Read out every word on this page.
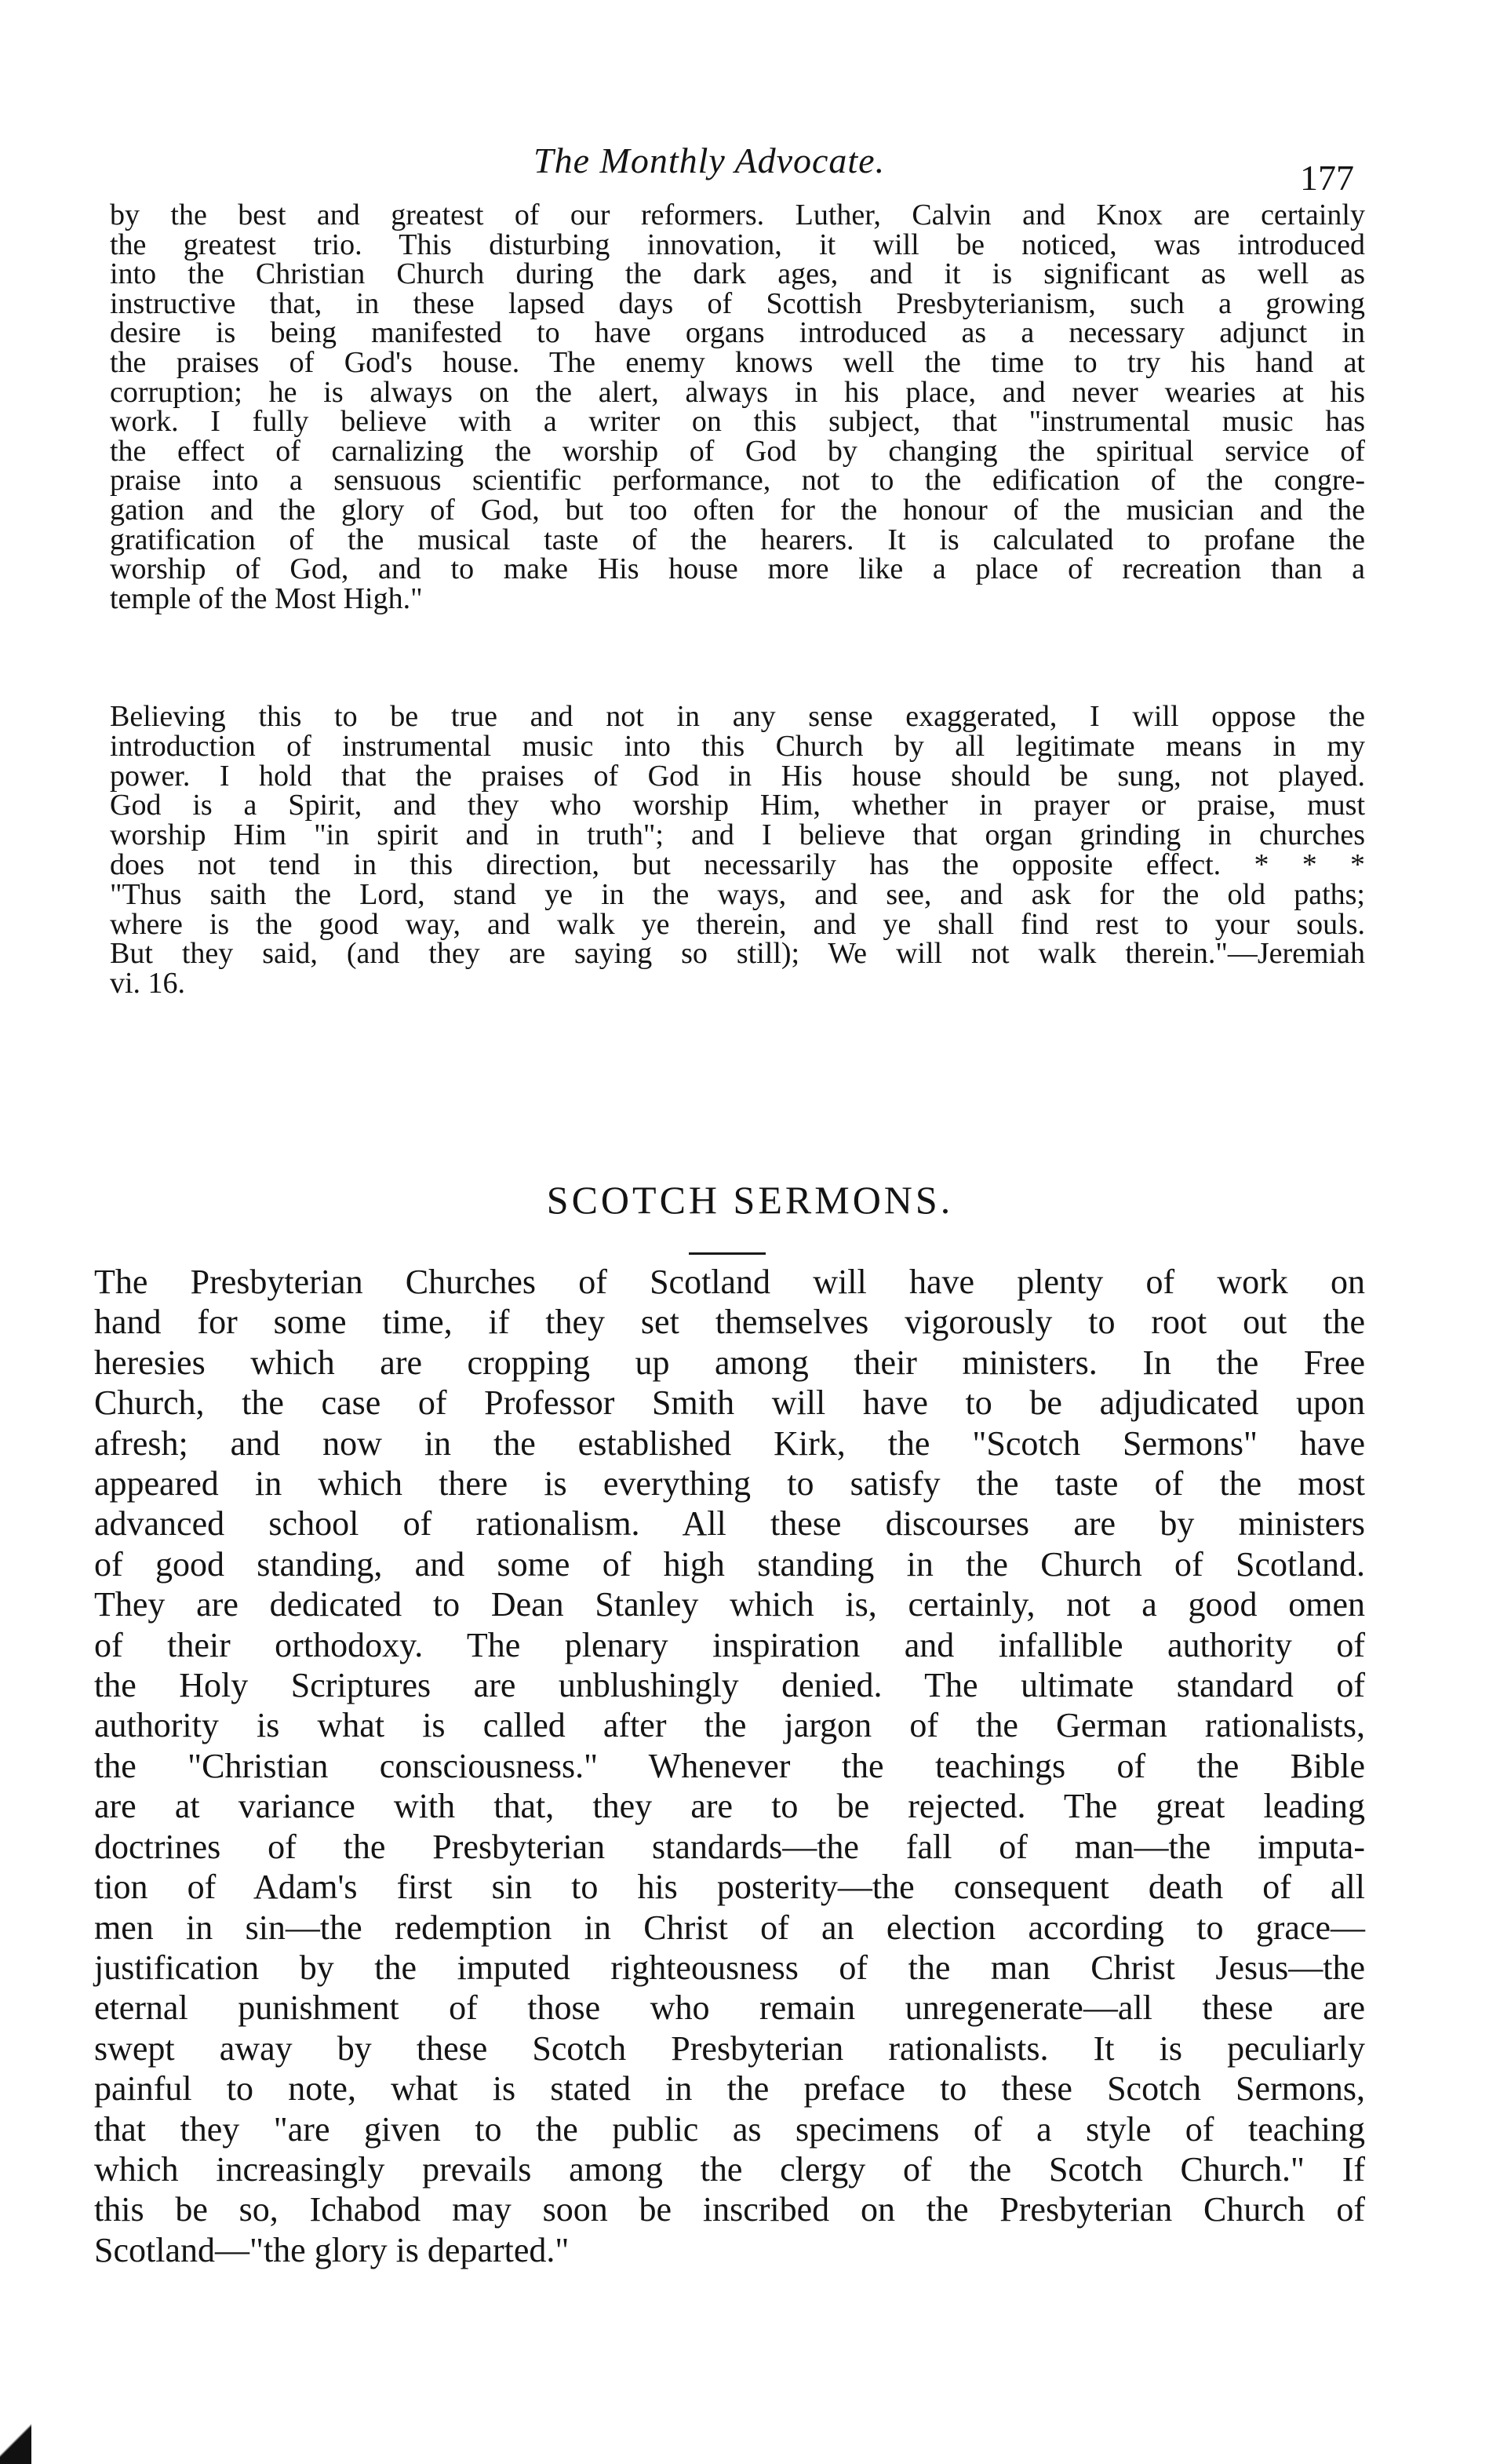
The Monthly Advocate.	177
by the best and greatest of our reformers. Luther, Calvin and Knox are certainly
the greatest trio. This disturbing innovation, it will be noticed, was introduced
into the Christian Church during the dark ages, and it is significant as well as
instructive that, in these lapsed days of Scottish Presbyterianism, such a growing
desire is being manifested to have organs introduced as a necessary adjunct in
the praises of God's house. The enemy knows well the time to try his hand at
corruption; he is always on the alert, always in his place, and never wearies at his
work. I fully believe with a writer on this subject, that "instrumental music has
the effect of carnalizing the worship of God by changing the spiritual service of
praise into a sensuous scientific performance, not to the edification of the congre-
gation and the glory of God, but too often for the honour of the musician and the
gratification of the musical taste of the hearers. It is calculated to profane the
worship of God, and to make His house more like a place of recreation than a
temple of the Most High."
Believing this to be true and not in any sense exaggerated, I will oppose the
introduction of instrumental music into this Church by all legitimate means in my
power. I hold that the praises of God in His house should be sung, not played.
God is a Spirit, and they who worship Him, whether in prayer or praise, must
worship Him "in spirit and in truth"; and I believe that organ grinding in churches
does not tend in this direction, but necessarily has the opposite effect. * * *
"Thus saith the Lord, stand ye in the ways, and see, and ask for the old paths;
where is the good way, and walk ye therein, and ye shall find rest to your souls.
But they said, (and they are saying so still); We will not walk therein."—Jeremiah
vi. 16.
SCOTCH SERMONS.
The Presbyterian Churches of Scotland will have plenty of work on
hand for some time, if they set themselves vigorously to root out the
heresies which are cropping up among their ministers. In the Free
Church, the case of Professor Smith will have to be adjudicated upon
afresh; and now in the established Kirk, the "Scotch Sermons" have
appeared in which there is everything to satisfy the taste of the most
advanced school of rationalism. All these discourses are by ministers
of good standing, and some of high standing in the Church of Scotland.
They are dedicated to Dean Stanley which is, certainly, not a good omen
of their orthodoxy. The plenary inspiration and infallible authority of
the Holy Scriptures are unblushingly denied. The ultimate standard of
authority is what is called after the jargon of the German rationalists,
the "Christian consciousness." Whenever the teachings of the Bible
are at variance with that, they are to be rejected. The great leading
doctrines of the Presbyterian standards—the fall of man—the imputa-
tion of Adam's first sin to his posterity—the consequent death of all
men in sin—the redemption in Christ of an election according to grace—
justification by the imputed righteousness of the man Christ Jesus—the
eternal punishment of those who remain unregenerate—all these are
swept away by these Scotch Presbyterian rationalists. It is peculiarly
painful to note, what is stated in the preface to these Scotch Sermons,
that they "are given to the public as specimens of a style of teaching
which increasingly prevails among the clergy of the Scotch Church." If
this be so, Ichabod may soon be inscribed on the Presbyterian Church of
Scotland—"the glory is departed."
